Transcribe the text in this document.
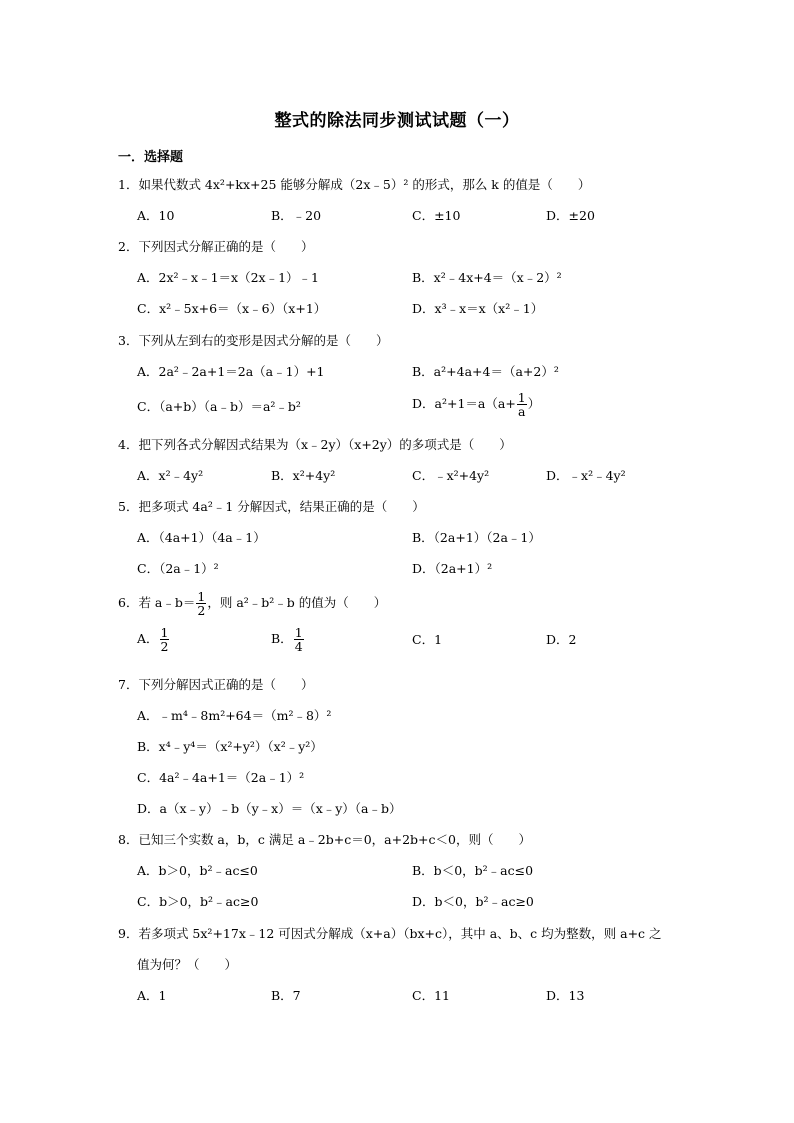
整式的除法同步测试试题（一）
一．选择题
1．如果代数式 4x²+kx+25 能够分解成（2x﹣5）² 的形式，那么 k 的值是（　　）
A．10	B．﹣20	C．±10	D．±20
2．下列因式分解正确的是（　　）
A．2x²﹣x﹣1＝x（2x﹣1）﹣1	B．x²﹣4x+4＝（x﹣2）²
C．x²﹣5x+6＝（x﹣6）（x+1）	D．x³﹣x＝x（x²﹣1）
3．下列从左到右的变形是因式分解的是（　　）
A．2a²﹣2a+1＝2a（a﹣1）+1	B．a²+4a+4＝（a+2）²
C．（a+b）（a﹣b）＝a²﹣b²	D．$a^2+1=a(a+ \frac{1}{a}$ ）
4．把下列各式分解因式结果为（x﹣2y）（x+2y）的多项式是（　　）
A．x²﹣4y²	B．x²+4y²	C．﹣x²+4y²	D．﹣x²﹣4y²
5．把多项式 4a²﹣1 分解因式，结果正确的是（　　）
A．（4a+1）（4a﹣1）	B．（2a+1）（2a﹣1）
C．（2a﹣1）²	D．（2a+1）²
6．若 a﹣b＝ $\frac{1}{2}$ ，则 a²﹣b²﹣b 的值为（　　）
A． $\frac{1}{2}$	B． $\frac{1}{4}$	C．1	D．2
7．下列分解因式正确的是（　　）
A．﹣m⁴﹣8m²+64＝（m²﹣8）²
B．x⁴﹣y⁴＝（x²+y²）（x²﹣y²）
C．4a²﹣4a+1＝（2a﹣1）²
D．a（x﹣y）﹣b（y﹣x）＝（x﹣y）（a﹣b）
8．已知三个实数 a，b，c 满足 a﹣2b+c＝0，a+2b+c＜0，则（　　）
A．b＞0，b²﹣ac≤0	B．b＜0，b²﹣ac≤0
C．b＞0，b²﹣ac≥0	D．b＜0，b²﹣ac≥0
9．若多项式 5x²+17x﹣12 可因式分解成（x+a）（bx+c），其中 a、b、c 均为整数，则 a+c 之
值为何？（　　）
A．1	B．7	C．11	D．13
